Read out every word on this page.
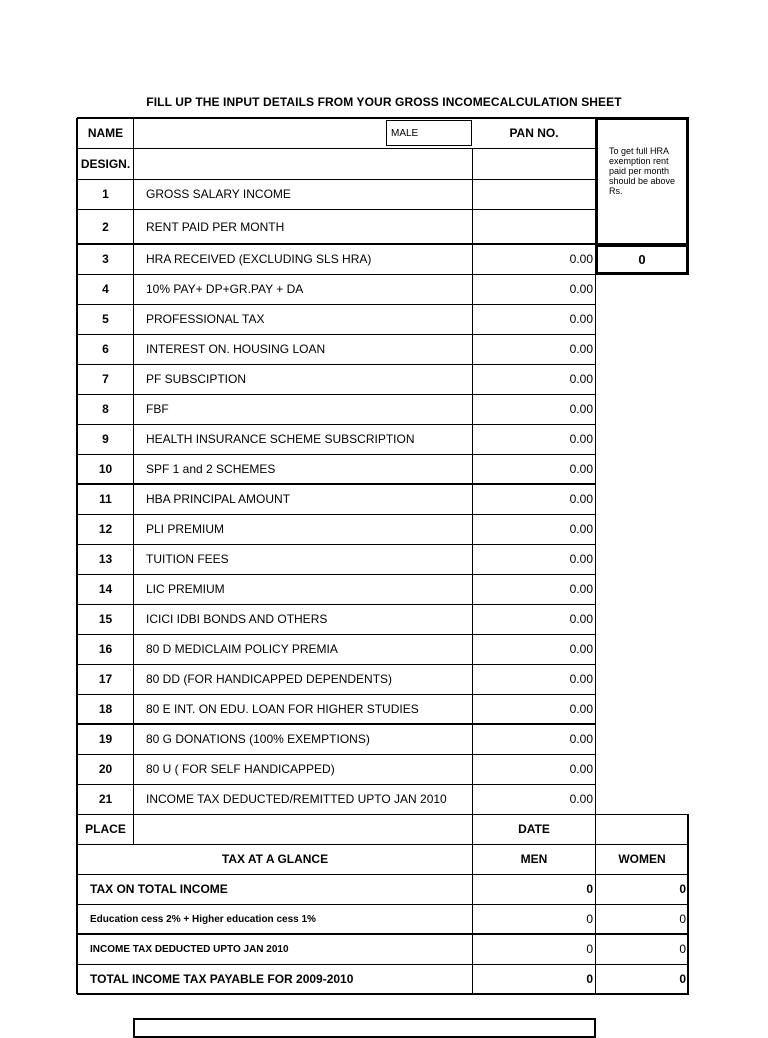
FILL UP THE INPUT DETAILS FROM YOUR GROSS INCOMECALCULATION SHEET
NAME	MALE	PAN NO.
DESIGN.
To get full HRA exemption rent paid per month should be above Rs.
0
1	GROSS SALARY INCOME
2	RENT PAID PER MONTH
3	HRA RECEIVED (EXCLUDING SLS HRA)	0.00
4	10% PAY+ DP+GR.PAY + DA	0.00
5	PROFESSIONAL TAX	0.00
6	INTEREST ON. HOUSING LOAN	0.00
7	PF SUBSCIPTION	0.00
8	FBF	0.00
9	HEALTH INSURANCE SCHEME SUBSCRIPTION	0.00
10	SPF 1 and 2 SCHEMES	0.00
11	HBA PRINCIPAL AMOUNT	0.00
12	PLI PREMIUM	0.00
13	TUITION FEES	0.00
14	LIC PREMIUM	0.00
15	ICICI IDBI BONDS AND OTHERS	0.00
16	80 D MEDICLAIM POLICY PREMIA	0.00
17	80 DD (FOR HANDICAPPED DEPENDENTS)	0.00
18	80 E INT. ON EDU. LOAN FOR HIGHER STUDIES	0.00
19	80 G DONATIONS (100% EXEMPTIONS)	0.00
20	80 U ( FOR SELF HANDICAPPED)	0.00
21	INCOME TAX DEDUCTED/REMITTED UPTO JAN 2010	0.00
PLACE	DATE
TAX AT A GLANCE	MEN	WOMEN
TAX ON TOTAL INCOME	0	0
Education cess 2% + Higher education cess 1%	0	0
INCOME TAX DEDUCTED UPTO JAN 2010	0	0
TOTAL INCOME TAX PAYABLE FOR 2009-2010	0	0
